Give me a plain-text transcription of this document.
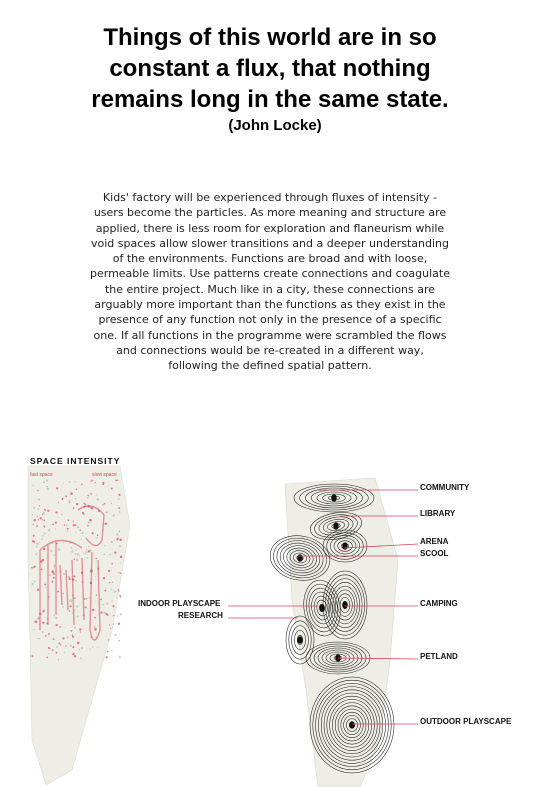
Things of this world are in so
constant a flux, that nothing
remains long in the same state.
(John Locke)
Kids' factory will be experienced through fluxes of intensity -
users become the particles. As more meaning and structure are
applied, there is less room for exploration and flaneurism while
void spaces allow slower transitions and a deeper understanding
of the environments. Functions are broad and with loose,
permeable limits. Use patterns create connections and coagulate
the entire project. Much like in a city, these connections are
arguably more important than the functions as they exist in the
presence of any function not only in the presence of a specific
one. If all functions in the programme were scrambled the flows
and connections would be re-created in a different way,
following the defined spatial pattern.
SPACE INTENSITY
fast space	slow space
COMMUNITY
LIBRARY
ARENA
SCOOL
INDOOR PLAYSCAPE
RESEARCH
CAMPING
PETLAND
OUTDOOR PLAYSCAPE
